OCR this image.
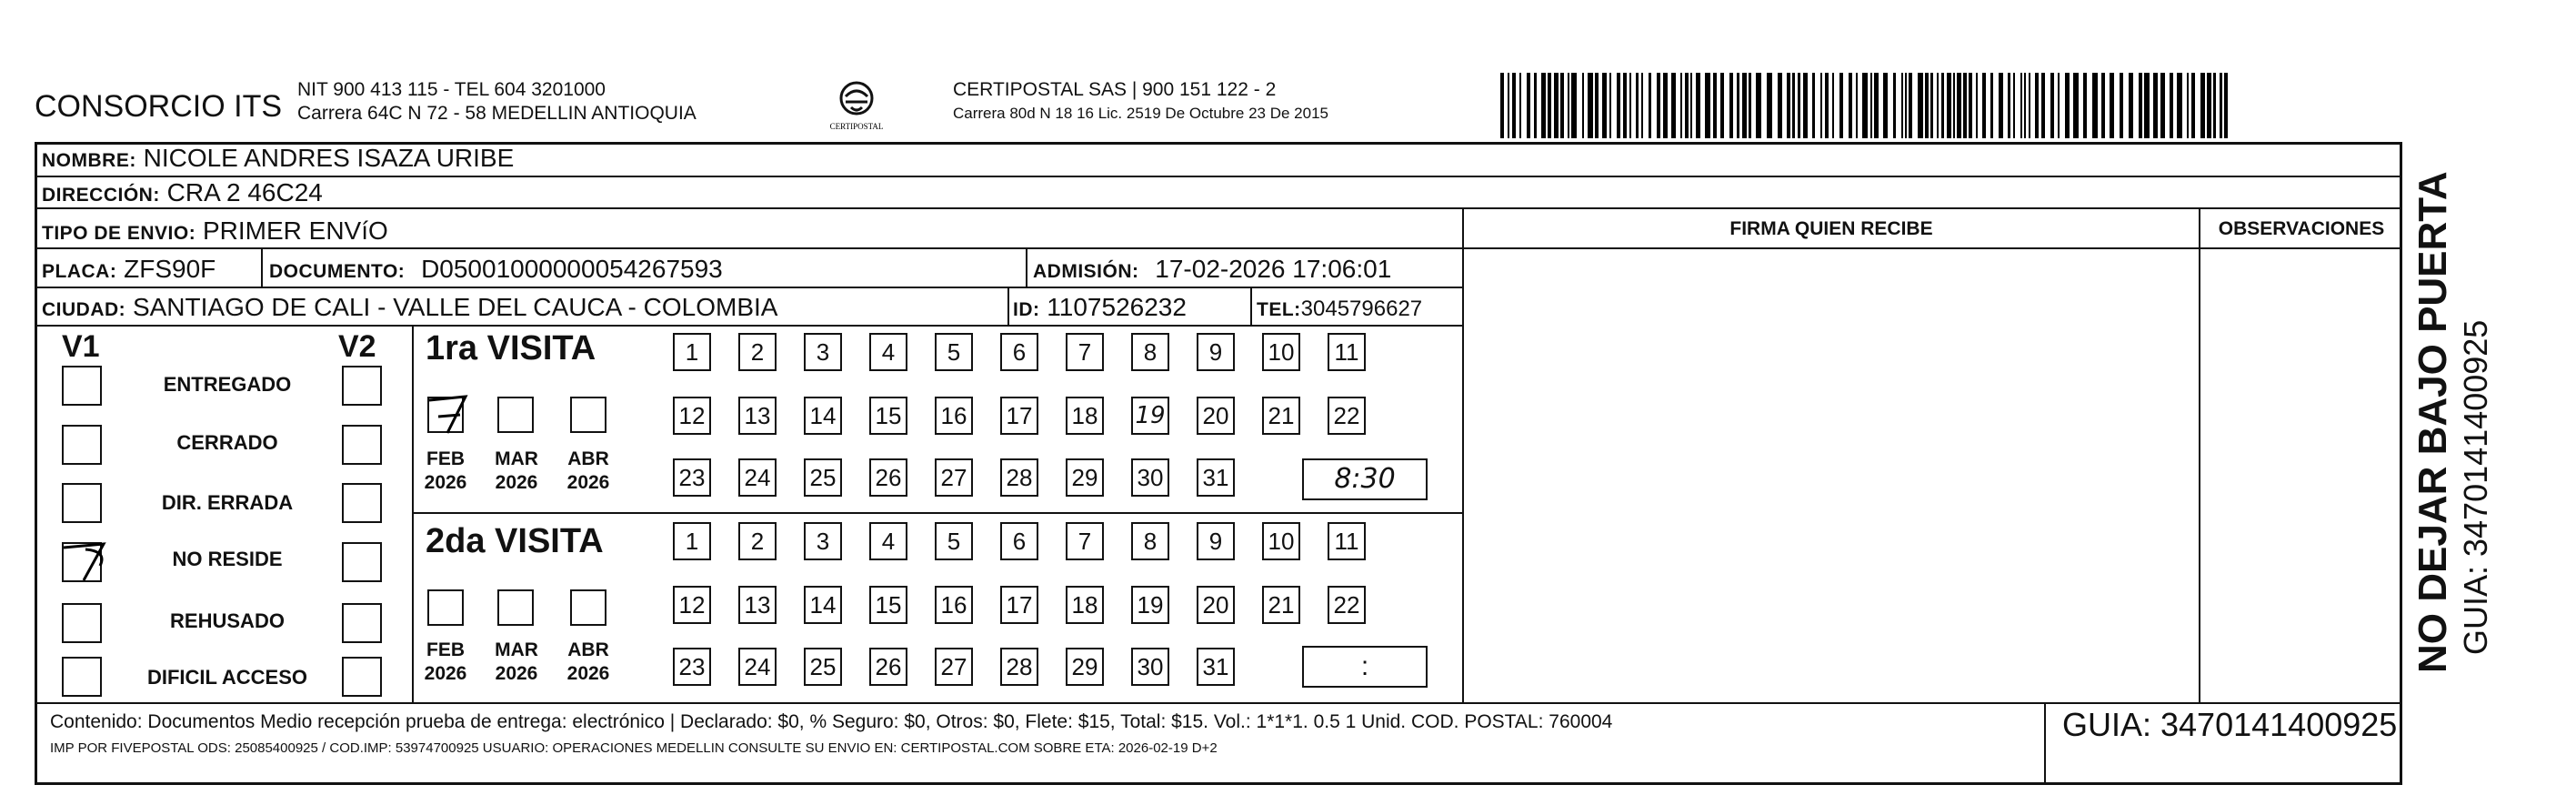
CONSORCIO ITS NIT 900 413 115 - TEL 604 3201000
Carrera 64C N 72 - 58 MEDELLIN ANTIOQUIA
CERTIPOSTAL
CERTIPOSTAL SAS | 900 151 122 - 2
Carrera 80d N 18 16 Lic. 2519 De Octubre 23 De 2015
NOMBRE: NICOLE ANDRES ISAZA URIBE
DIRECCIÓN: CRA 2 46C24
TIPO DE ENVIO: PRIMER ENVíO
PLACA: ZFS90F	DOCUMENTO: D05001000000054267593	ADMISIÓN: 17-02-2026 17:06:01
CIUDAD: SANTIAGO DE CALI - VALLE DEL CAUCA - COLOMBIA	ID: 1107526232	TEL:3045796627
FIRMA QUIEN RECIBE	OBSERVACIONES
V1	V2
ENTREGADO
CERRADO
DIR. ERRADA
NO RESIDE
REHUSADO
DIFICIL ACCESO
1ra VISITA
FEB
2026
MAR
2026
ABR
2026
2da VISITA
FEB
2026
MAR
2026
ABR
2026
1	2	3	4	5	6	7	8	9	10 11
12 13 14 15 16 17 18 19 20 21 22
23 24 25 26 27 28 29 30 31
1	2	3	4	5	6	7	8	9	10 11
12 13 14 15 16 17 18 19 20 21 22
23 24 25 26 27 28 29 30 31
8:30
:
Contenido: Documentos Medio recepción prueba de entrega: electrónico | Declarado: $0, % Seguro: $0, Otros: $0, Flete: $15, Total: $15. Vol.: 1*1*1. 0.5 1 Unid. COD. POSTAL: 760004
IMP POR FIVEPOSTAL ODS: 25085400925 / COD.IMP: 53974700925 USUARIO: OPERACIONES MEDELLIN CONSULTE SU ENVIO EN: CERTIPOSTAL.COM SOBRE ETA: 2026-02-19 D+2
GUIA: 3470141400925
NO DEJAR BAJO PUERTA GUIA: 3470141400925
